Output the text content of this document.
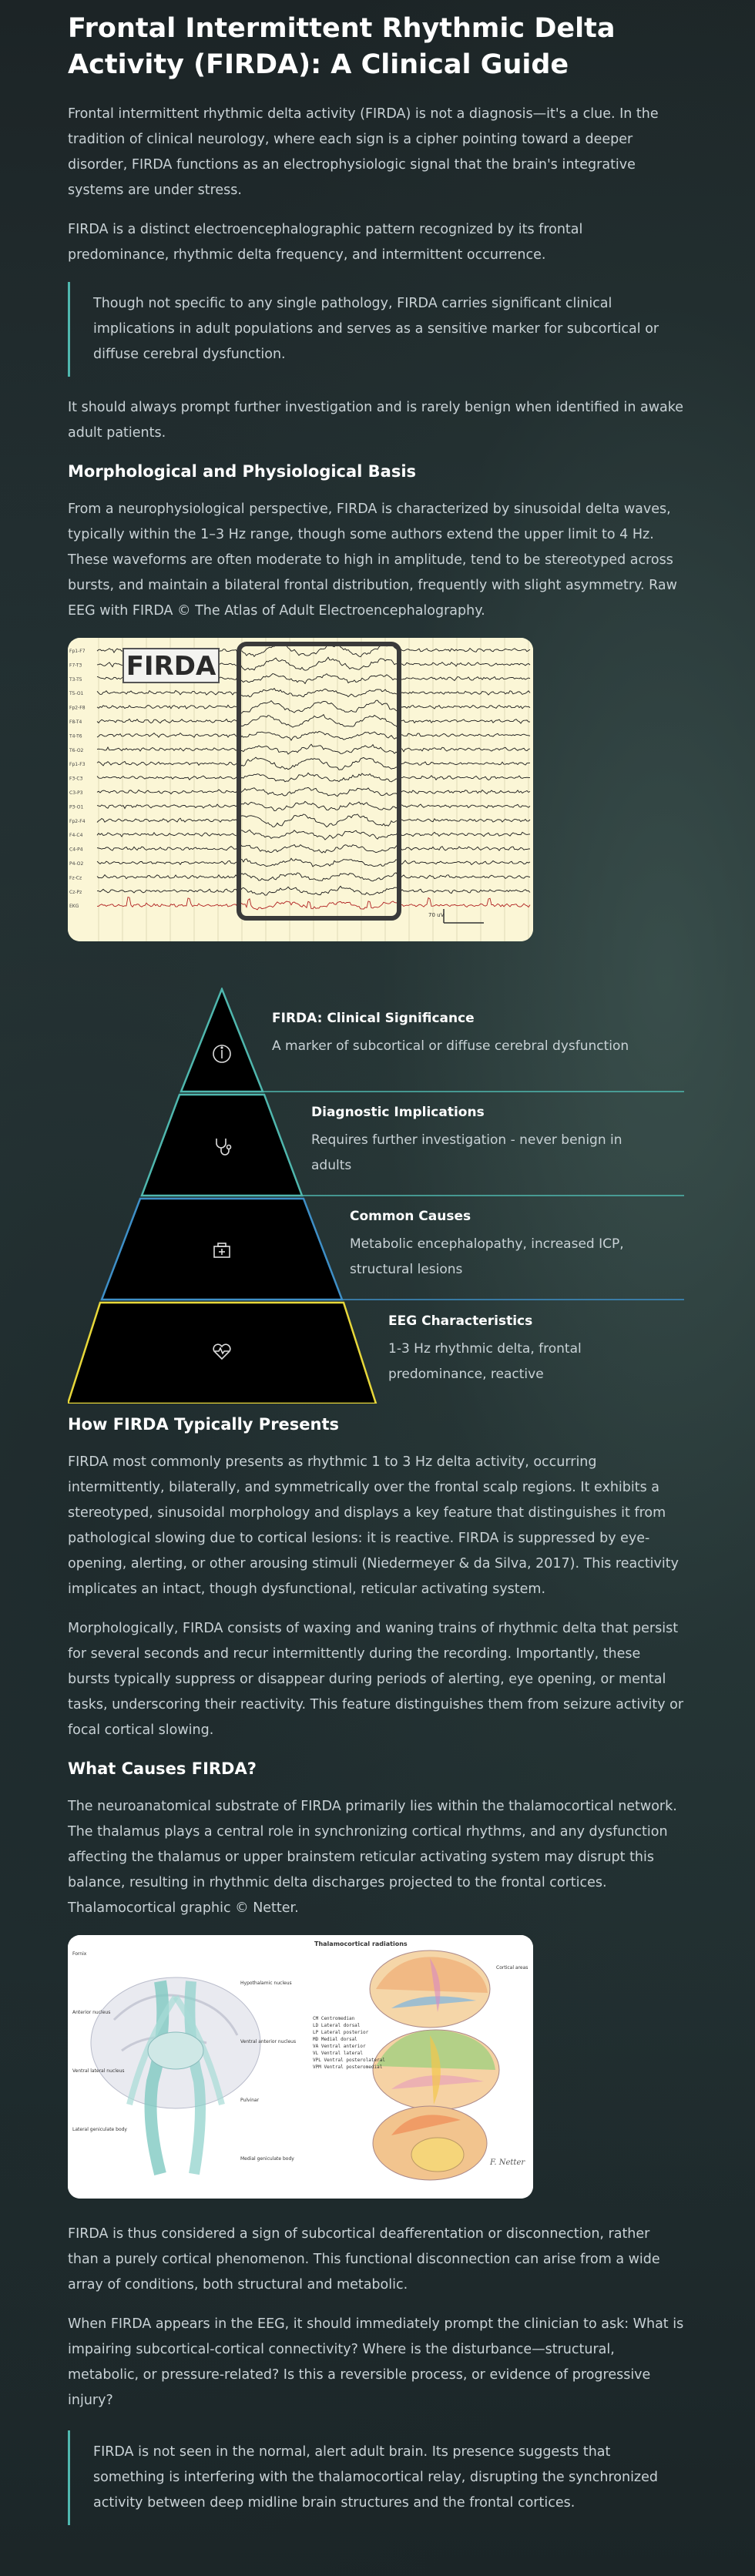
Frontal Intermittent Rhythmic Delta Activity (FIRDA): A Clinical Guide

Frontal intermittent rhythmic delta activity (FIRDA) is not a diagnosis—it's a clue. In the tradition of clinical neurology, where each sign is a cipher pointing toward a deeper disorder, FIRDA functions as an electrophysiologic signal that the brain's integrative systems are under stress.

FIRDA is a distinct electroencephalographic pattern recognized by its frontal predominance, rhythmic delta frequency, and intermittent occurrence.

Though not specific to any single pathology, FIRDA carries significant clinical implications in adult populations and serves as a sensitive marker for subcortical or diffuse cerebral dysfunction.

It should always prompt further investigation and is rarely benign when identified in awake adult patients.

Morphological and Physiological Basis

From a neurophysiological perspective, FIRDA is characterized by sinusoidal delta waves, typically within the 1–3 Hz range, though some authors extend the upper limit to 4 Hz. These waveforms are often moderate to high in amplitude, tend to be stereotyped across bursts, and maintain a bilateral frontal distribution, frequently with slight asymmetry. Raw EEG with FIRDA © The Atlas of Adult Electroencephalography.

Fp1-F7
F7-T3
T3-T5
T5-O1
Fp2-F8
F8-T4
T4-T6
T6-O2
Fp1-F3
F3-C3
C3-P3
P3-O1
Fp2-F4
F4-C4
C4-P4
P4-O2
Fz-Cz
Cz-Pz
EKG
FIRDA
70 uV
FIRDA: Clinical Significance
A marker of subcortical or diffuse cerebral dysfunction
Diagnostic Implications
Requires further investigation - never benign in adults
Common Causes
Metabolic encephalopathy, increased ICP, structural lesions
EEG Characteristics
1-3 Hz rhythmic delta, frontal predominance, reactive
How FIRDA Typically Presents

FIRDA most commonly presents as rhythmic 1 to 3 Hz delta activity, occurring intermittently, bilaterally, and symmetrically over the frontal scalp regions. It exhibits a stereotyped, sinusoidal morphology and displays a key feature that distinguishes it from pathological slowing due to cortical lesions: it is reactive. FIRDA is suppressed by eye-opening, alerting, or other arousing stimuli (Niedermeyer & da Silva, 2017). This reactivity implicates an intact, though dysfunctional, reticular activating system.

Morphologically, FIRDA consists of waxing and waning trains of rhythmic delta that persist for several seconds and recur intermittently during the recording. Importantly, these bursts typically suppress or disappear during periods of alerting, eye opening, or mental tasks, underscoring their reactivity. This feature distinguishes them from seizure activity or focal cortical slowing.

What Causes FIRDA?

The neuroanatomical substrate of FIRDA primarily lies within the thalamocortical network. The thalamus plays a central role in synchronizing cortical rhythms, and any dysfunction affecting the thalamus or upper brainstem reticular activating system may disrupt this balance, resulting in rhythmic delta discharges projected to the frontal cortices. Thalamocortical graphic © Netter.

Fornix
Hypothalamic nucleus
Anterior nucleus
Ventral anterior nucleus
Ventral lateral nucleus
Pulvinar
Lateral geniculate body
Medial geniculate body
Thalamocortical radiations
CM Centromedian
LD Lateral dorsal
LP Lateral posterior
MD Medial dorsal
VA Ventral anterior
VL Ventral lateral
VPL Ventral posterolateral
VPM Ventral posteromedial
F. Netter
Cortical areas

FIRDA is thus considered a sign of subcortical deafferentation or disconnection, rather than a purely cortical phenomenon. This functional disconnection can arise from a wide array of conditions, both structural and metabolic.

When FIRDA appears in the EEG, it should immediately prompt the clinician to ask: What is impairing subcortical-cortical connectivity? Where is the disturbance—structural, metabolic, or pressure-related? Is this a reversible process, or evidence of progressive injury?

FIRDA is not seen in the normal, alert adult brain. Its presence suggests that something is interfering with the thalamocortical relay, disrupting the synchronized activity between deep midline brain structures and the frontal cortices.
